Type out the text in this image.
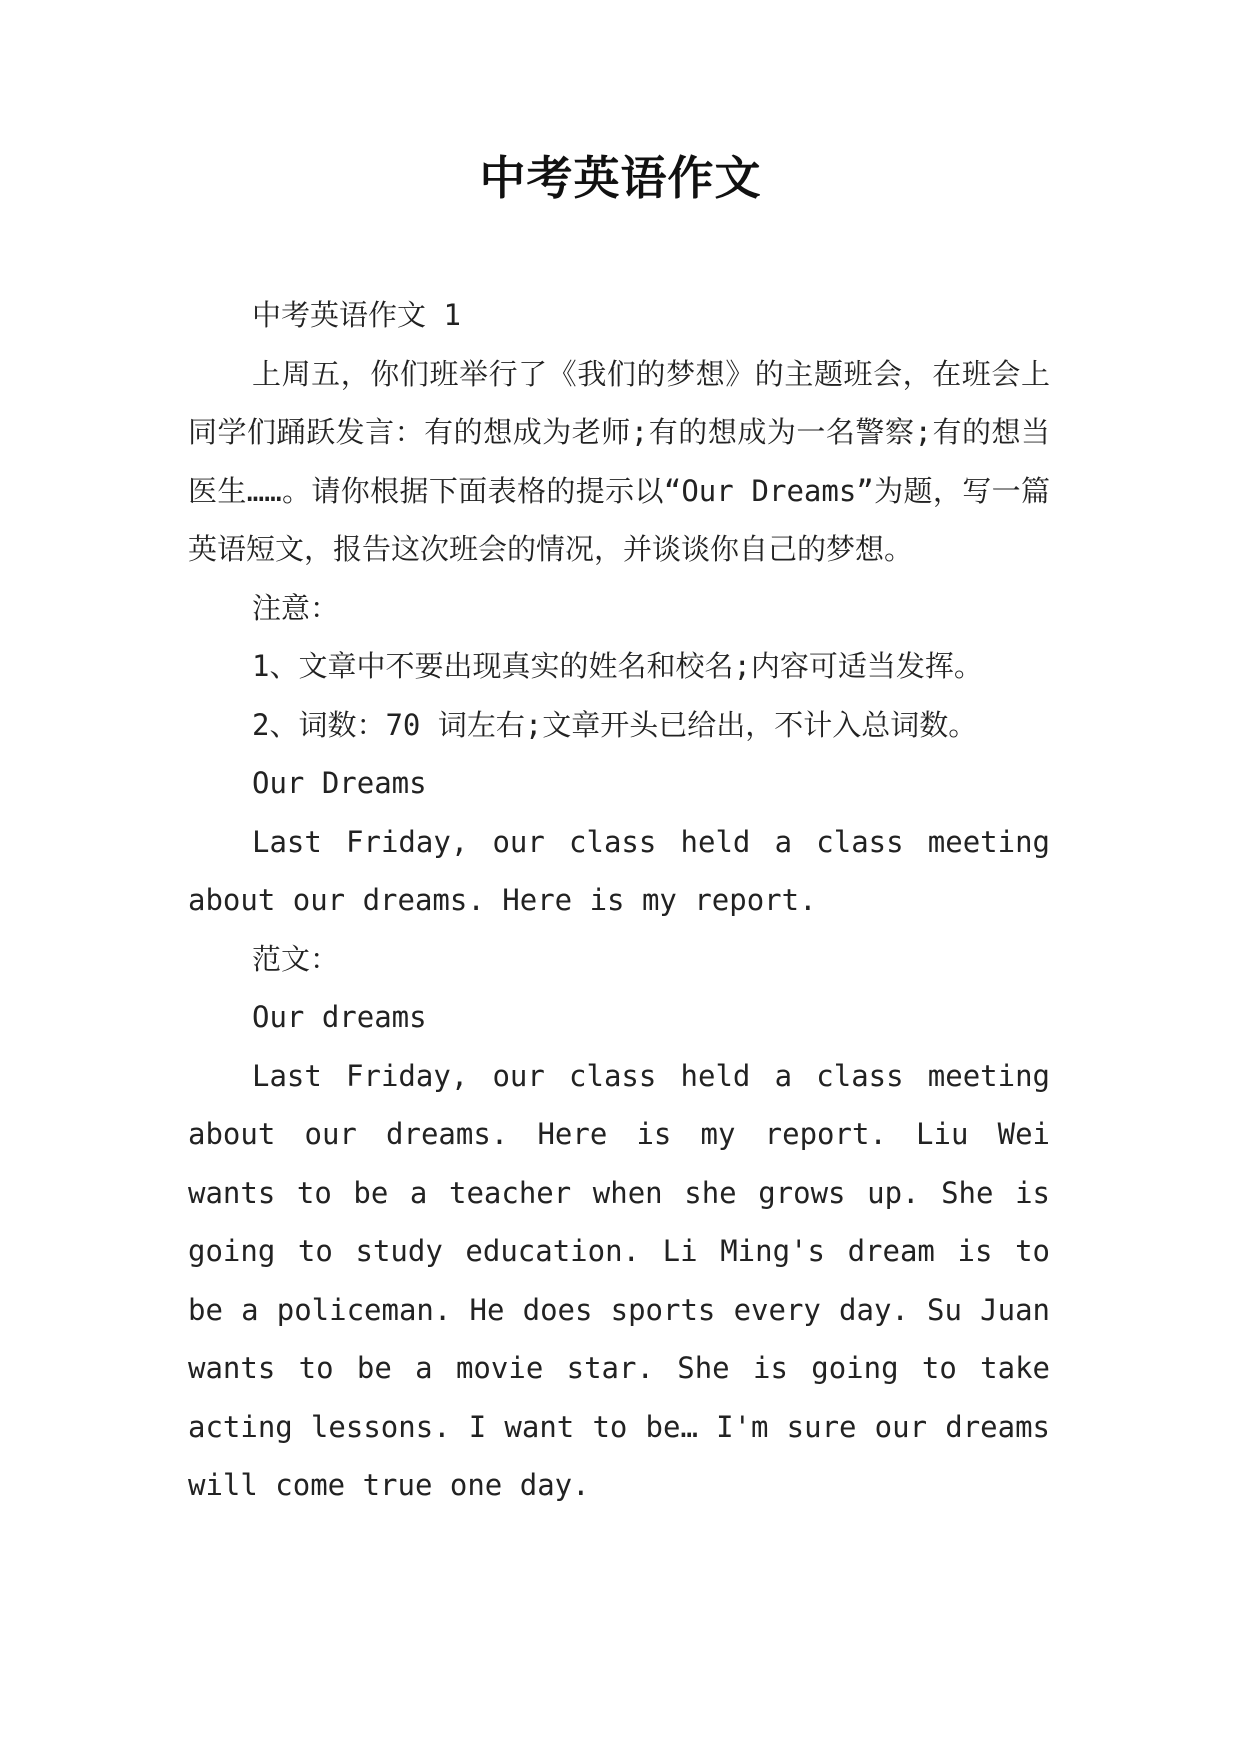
中考英语作文

中考英语作文 1

上周五，你们班举行了《我们的梦想》的主题班会，在班会上同学们踊跃发言：有的想成为老师;有的想成为一名警察;有的想当医生……。请你根据下面表格的提示以“Our Dreams”为题，写一篇英语短文，报告这次班会的情况，并谈谈你自己的梦想。

注意：

1、文章中不要出现真实的姓名和校名;内容可适当发挥。

2、词数：70 词左右;文章开头已给出，不计入总词数。

Our Dreams

Last Friday, our class held a class meeting about our dreams. Here is my report.

范文：

Our dreams

Last Friday, our class held a class meeting about our dreams. Here is my report. Liu Wei wants to be a teacher when she grows up. She is going to study education. Li Ming's dream is to be a policeman. He does sports every day. Su Juan wants to be a movie star. She is going to take acting lessons. I want to be… I'm sure our dreams will come true one day.
